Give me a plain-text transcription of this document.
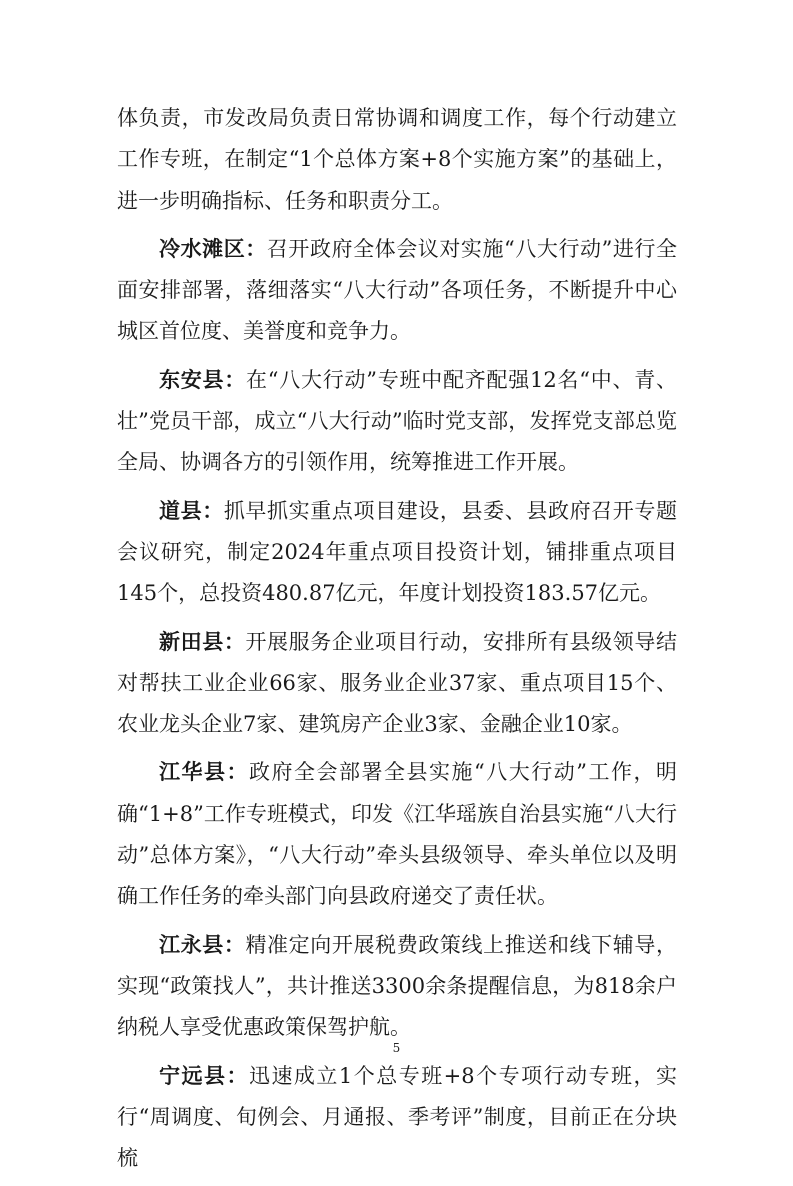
体负责，市发改局负责日常协调和调度工作，每个行动建立工作专班，在制定“1个总体方案+8个实施方案”的基础上，进一步明确指标、任务和职责分工。

冷水滩区：召开政府全体会议对实施“八大行动”进行全面安排部署，落细落实“八大行动”各项任务，不断提升中心城区首位度、美誉度和竞争力。

东安县：在“八大行动”专班中配齐配强12名“中、青、壮”党员干部，成立“八大行动”临时党支部，发挥党支部总览全局、协调各方的引领作用，统筹推进工作开展。

道县：抓早抓实重点项目建设，县委、县政府召开专题会议研究，制定2024年重点项目投资计划，铺排重点项目145个，总投资480.87亿元，年度计划投资183.57亿元。

新田县：开展服务企业项目行动，安排所有县级领导结对帮扶工业企业66家、服务业企业37家、重点项目15个、农业龙头企业7家、建筑房产企业3家、金融企业10家。

江华县：政府全会部署全县实施“八大行动”工作，明确“1+8”工作专班模式，印发《江华瑶族自治县实施“八大行动”总体方案》，“八大行动”牵头县级领导、牵头单位以及明确工作任务的牵头部门向县政府递交了责任状。

江永县：精准定向开展税费政策线上推送和线下辅导，实现“政策找人”，共计推送3300余条提醒信息，为818余户纳税人享受优惠政策保驾护航。

宁远县：迅速成立1个总专班+8个专项行动专班，实行“周调度、旬例会、月通报、季考评”制度，目前正在分块梳

5
